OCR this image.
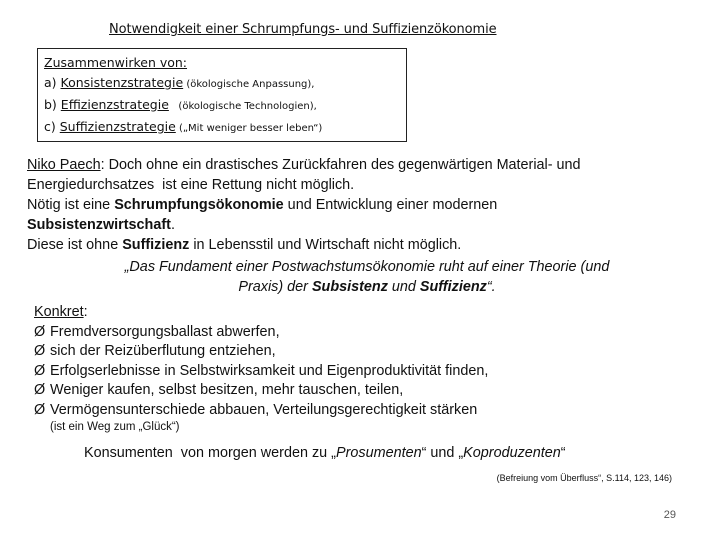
Notwendigkeit einer Schrumpfungs- und Suffizienzökonomie
Zusammenwirken von:
a) Konsistenzstrategie (ökologische Anpassung),
b) Effizienzstrategie   (ökologische Technologien),
c) Suffizienzstrategie („Mit weniger besser leben“)
Niko Paech: Doch ohne ein drastisches Zurückfahren des gegenwärtigen Material- und
Energiedurchsatzes  ist eine Rettung nicht möglich.
Nötig ist eine Schrumpfungsökonomie und Entwicklung einer modernen
Subsistenzwirtschaft.
Diese ist ohne Suffizienz in Lebensstil und Wirtschaft nicht möglich.
„Das Fundament einer Postwachstumsökonomie ruht auf einer Theorie (und
Praxis) der Subsistenz und Suffizienz“.
Konkret:
Ø Fremdversorgungsballast abwerfen,
Ø sich der Reizüberflutung entziehen,
Ø Erfolgserlebnisse in Selbstwirksamkeit und Eigenproduktivität finden,
Ø Weniger kaufen, selbst besitzen, mehr tauschen, teilen,
Ø Vermögensunterschiede abbauen, Verteilungsgerechtigkeit stärken
(ist ein Weg zum „Glück“)
Konsumenten  von morgen werden zu „Prosumenten“ und „Koproduzenten“
(Befreiung vom Überfluss“, S.114, 123, 146)
29
